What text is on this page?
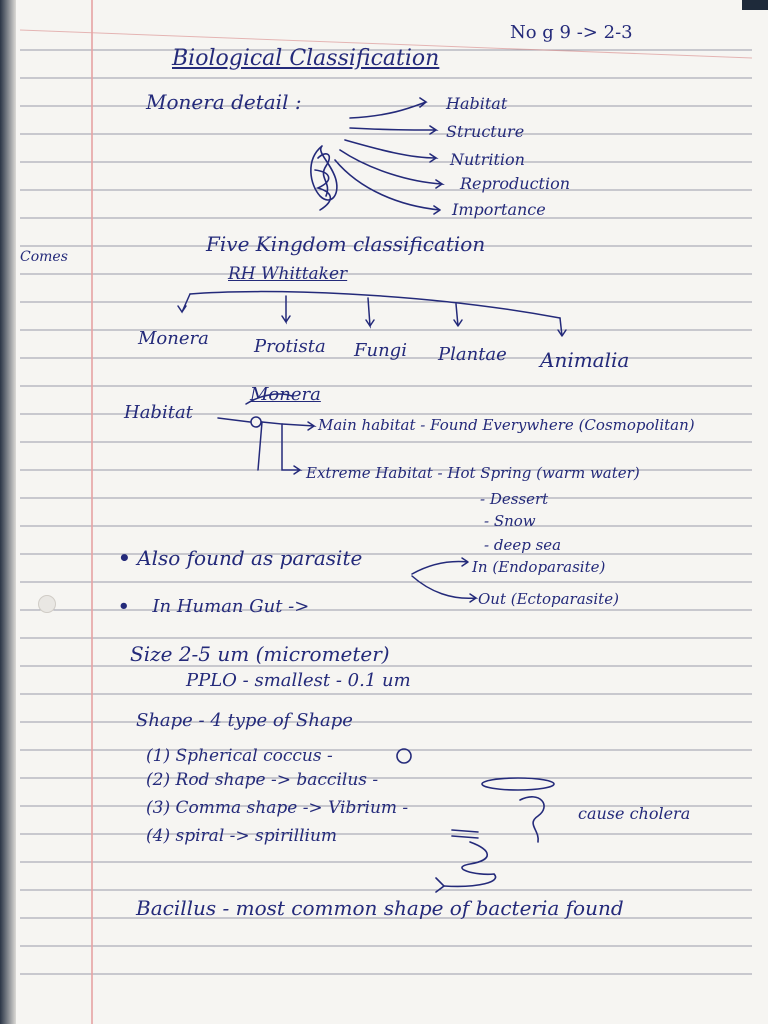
No g 9 -> 2-3
Biological Classification
Comes
Monera detail :	Habitat
Structure
Nutrition
Reproduction
Importance
Five Kingdom classification
RH Whittaker
Monera	Protista Fungi Plantae Animalia
Monera
Habitat
Main habitat - Found Everywhere (Cosmopolitan)
Extreme Habitat - Hot Spring (warm water)
- Dessert
- Snow
- deep sea
• Also found as parasite	In (Endoparasite)
Out (Ectoparasite)
• In Human Gut ->
Size 2-5 um (micrometer)
PPLO - smallest - 0.1 um
Shape - 4 type of Shape
(1) Spherical coccus -
(2) Rod shape -> baccilus -
(3) Comma shape -> Vibrium -
(4) spiral -> spirillium
cause cholera
Bacillus - most common shape of bacteria found
